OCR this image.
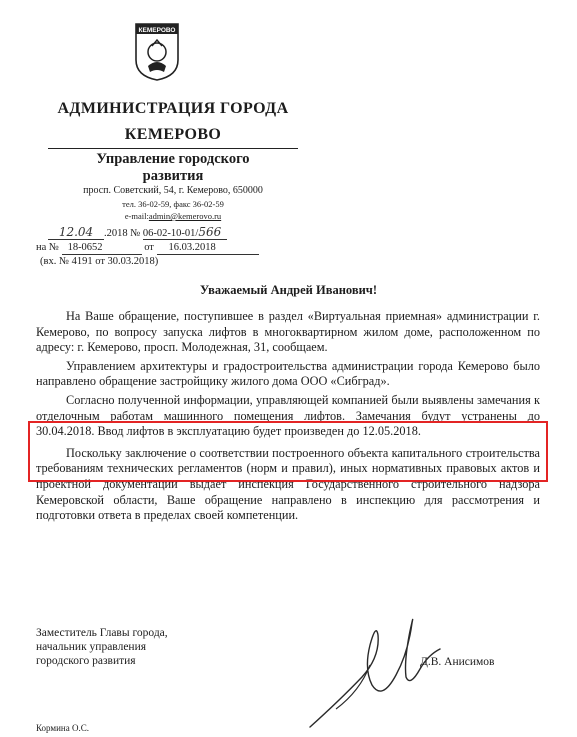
КЕМЕРОВО
АДМИНИСТРАЦИЯ ГОРОДА

КЕМЕРОВО
Управление городского
развития
просп. Советский, 54, г. Кемерово, 650000
тел. 36-02-59, факс 36-02-59
e-mail:admin@kemerovo.ru
12.04 .2018 № 06-02-10-01/566
на № 18-0652	от 16.03.2018
(вх. № 4191 от 30.03.2018)
Уважаемый Андрей Иванович!

На Ваше обращение, поступившее в раздел «Виртуальная приемная» администрации г. Кемерово, по вопросу запуска лифтов в многоквартирном жилом доме, расположенном по адресу: г. Кемерово, просп. Молодежная, 31, сообщаем.

Управлением архитектуры и градостроительства администрации города Кемерово было направлено обращение застройщику жилого дома ООО «Сибград».

Согласно полученной информации, управляющей компанией были выявлены замечания к отделочным работам машинного помещения лифтов. Замечания будут устранены до 30.04.2018. Ввод лифтов в эксплуатацию будет произведен до 12.05.2018.

Поскольку заключение о соответствии построенного объекта капитального строительства требованиям технических регламентов (норм и правил), иных нормативных правовых актов и проектной документации выдает инспекция Государственного строительного надзора Кемеровской области, Ваше обращение направлено в инспекцию для рассмотрения и подготовки ответа в пределах своей компетенции.

Заместитель Главы города,
начальник управления
городского развития	Д.В. Анисимов
Кормина О.С.
